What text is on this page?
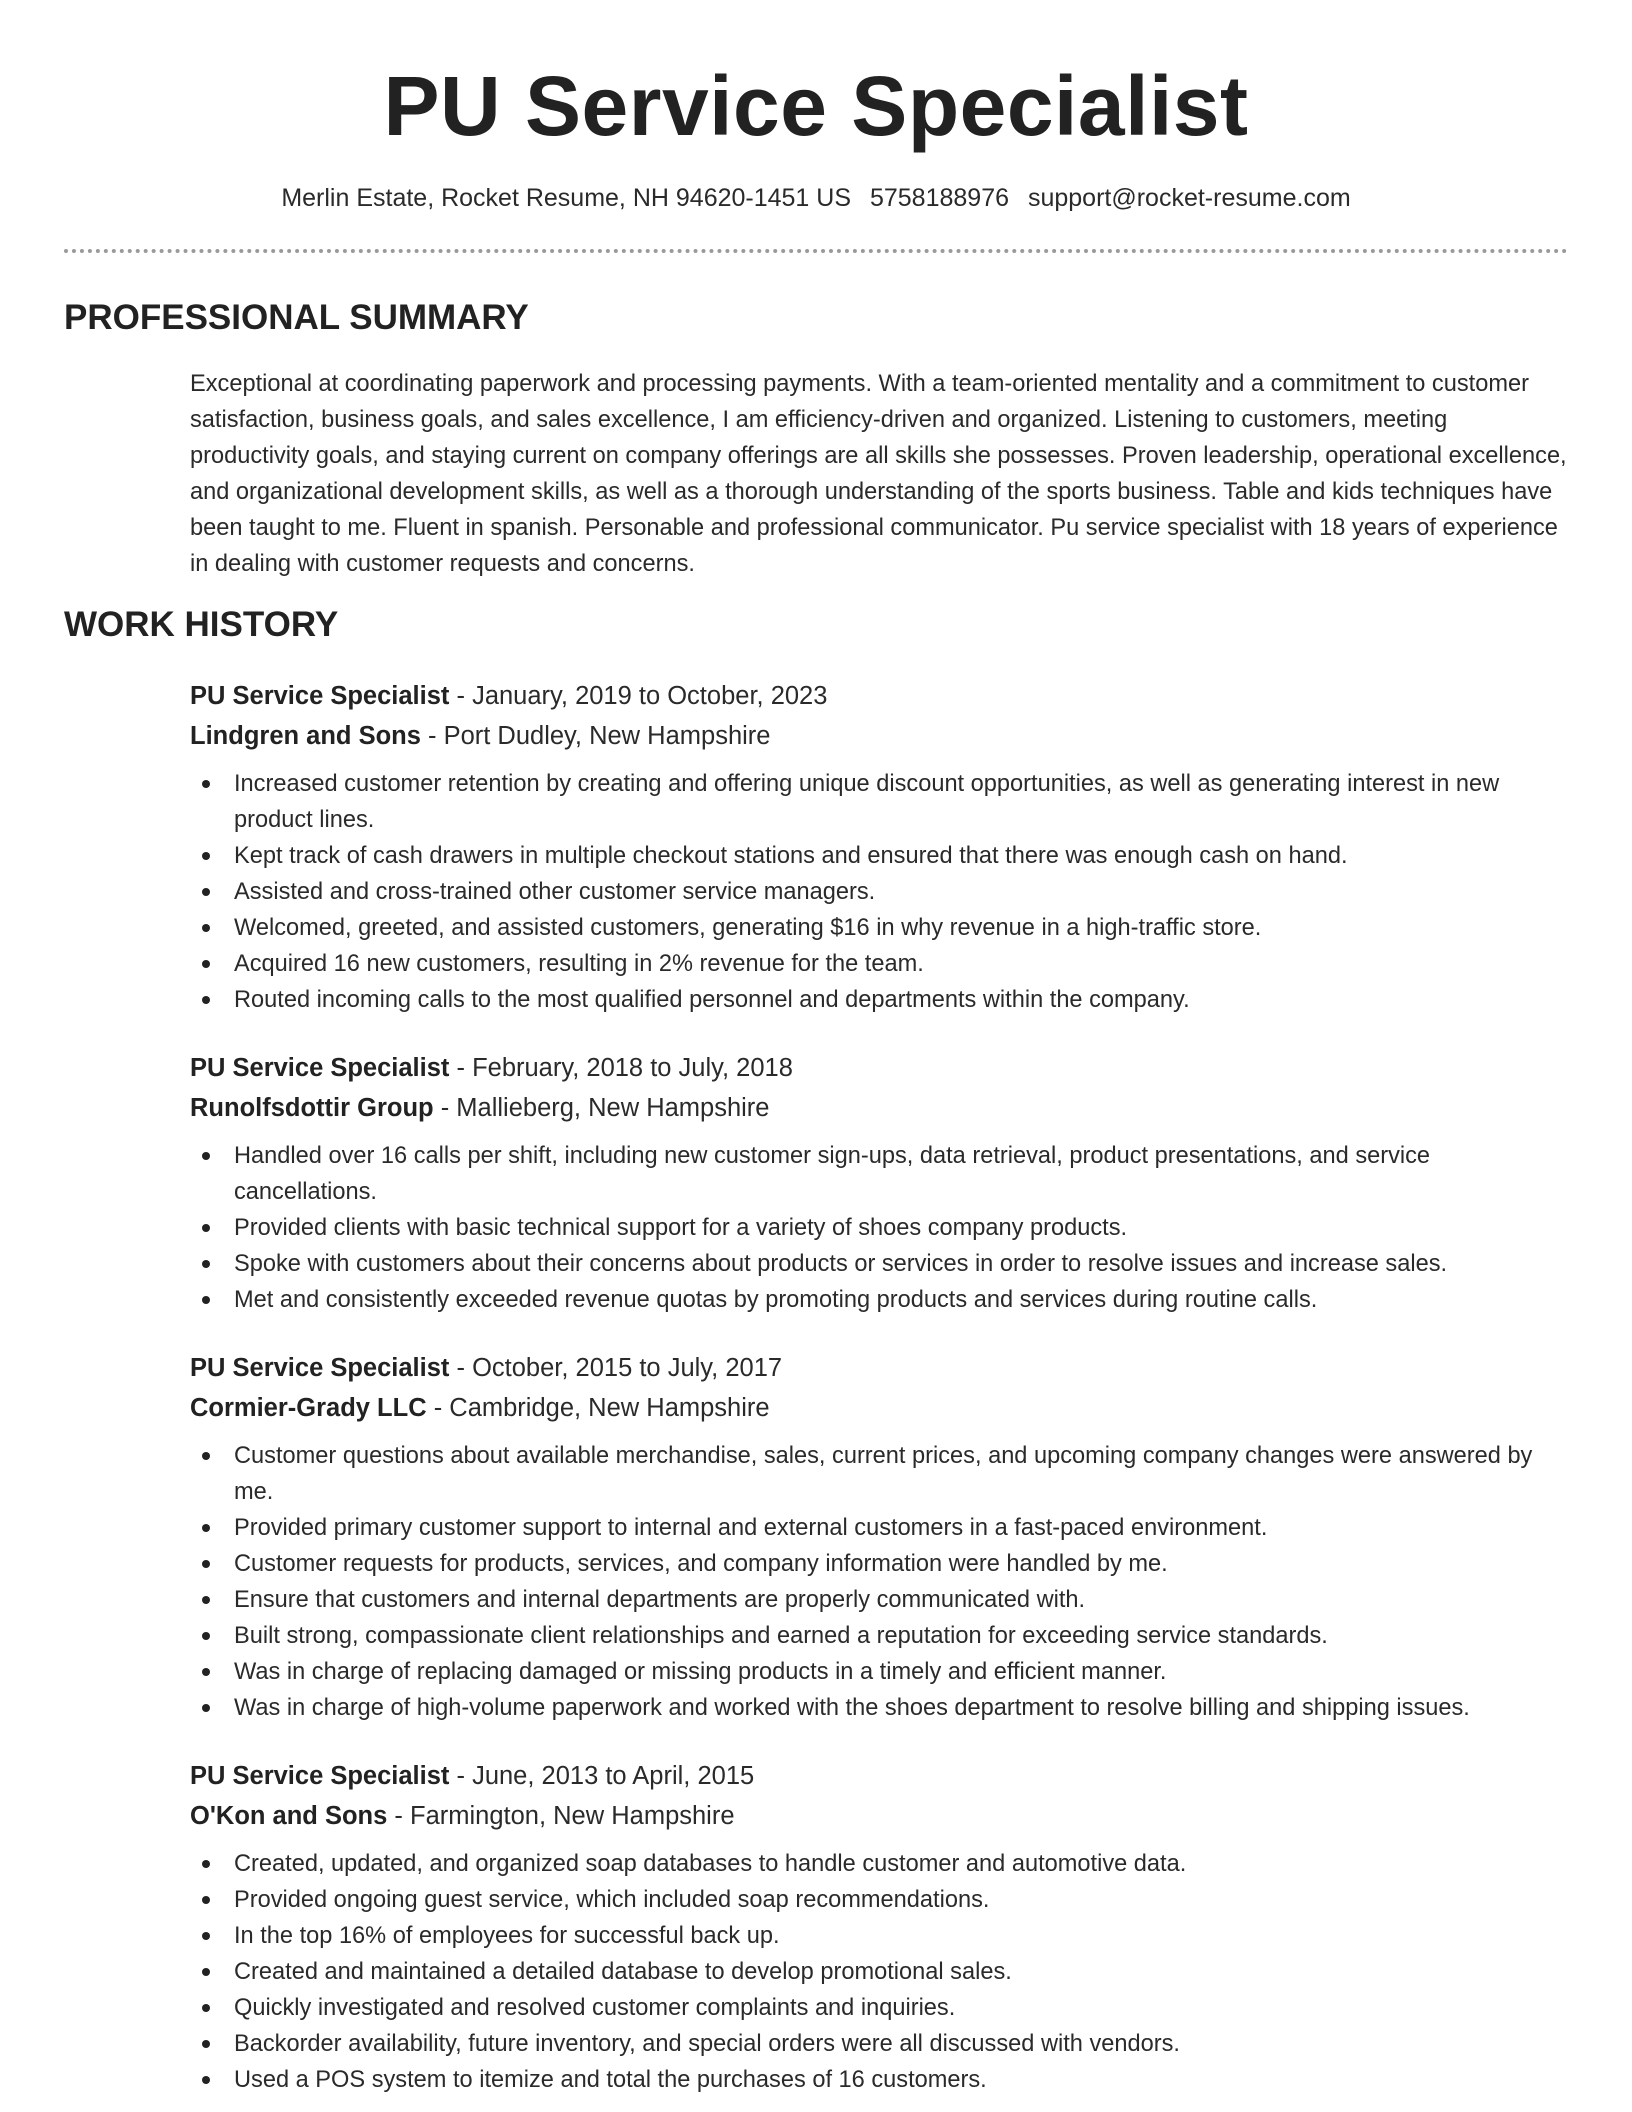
PU Service Specialist
Merlin Estate, Rocket Resume, NH 94620-1451 US 5758188976 support@rocket-resume.com
PROFESSIONAL SUMMARY

Exceptional at coordinating paperwork and processing payments. With a team-oriented mentality and a commitment to customer satisfaction, business goals, and sales excellence, I am efficiency-driven and organized. Listening to customers, meeting productivity goals, and staying current on company offerings are all skills she possesses. Proven leadership, operational excellence, and organizational development skills, as well as a thorough understanding of the sports business. Table and kids techniques have been taught to me. Fluent in spanish. Personable and professional communicator. Pu service specialist with 18 years of experience in dealing with customer requests and concerns.

WORK HISTORY
PU Service Specialist - January, 2019 to October, 2023
Lindgren and Sons - Port Dudley, New Hampshire
Increased customer retention by creating and offering unique discount opportunities, as well as generating interest in new product lines.
Kept track of cash drawers in multiple checkout stations and ensured that there was enough cash on hand.
Assisted and cross-trained other customer service managers.
Welcomed, greeted, and assisted customers, generating $16 in why revenue in a high-traffic store.
Acquired 16 new customers, resulting in 2% revenue for the team.
Routed incoming calls to the most qualified personnel and departments within the company.
PU Service Specialist - February, 2018 to July, 2018
Runolfsdottir Group - Mallieberg, New Hampshire
Handled over 16 calls per shift, including new customer sign-ups, data retrieval, product presentations, and service cancellations.
Provided clients with basic technical support for a variety of shoes company products.
Spoke with customers about their concerns about products or services in order to resolve issues and increase sales.
Met and consistently exceeded revenue quotas by promoting products and services during routine calls.
PU Service Specialist - October, 2015 to July, 2017
Cormier-Grady LLC - Cambridge, New Hampshire
Customer questions about available merchandise, sales, current prices, and upcoming company changes were answered by me.
Provided primary customer support to internal and external customers in a fast-paced environment.
Customer requests for products, services, and company information were handled by me.
Ensure that customers and internal departments are properly communicated with.
Built strong, compassionate client relationships and earned a reputation for exceeding service standards.
Was in charge of replacing damaged or missing products in a timely and efficient manner.
Was in charge of high-volume paperwork and worked with the shoes department to resolve billing and shipping issues.
PU Service Specialist - June, 2013 to April, 2015
O'Kon and Sons - Farmington, New Hampshire
Created, updated, and organized soap databases to handle customer and automotive data.
Provided ongoing guest service, which included soap recommendations.
In the top 16% of employees for successful back up.
Created and maintained a detailed database to develop promotional sales.
Quickly investigated and resolved customer complaints and inquiries.
Backorder availability, future inventory, and special orders were all discussed with vendors.
Used a POS system to itemize and total the purchases of 16 customers.
